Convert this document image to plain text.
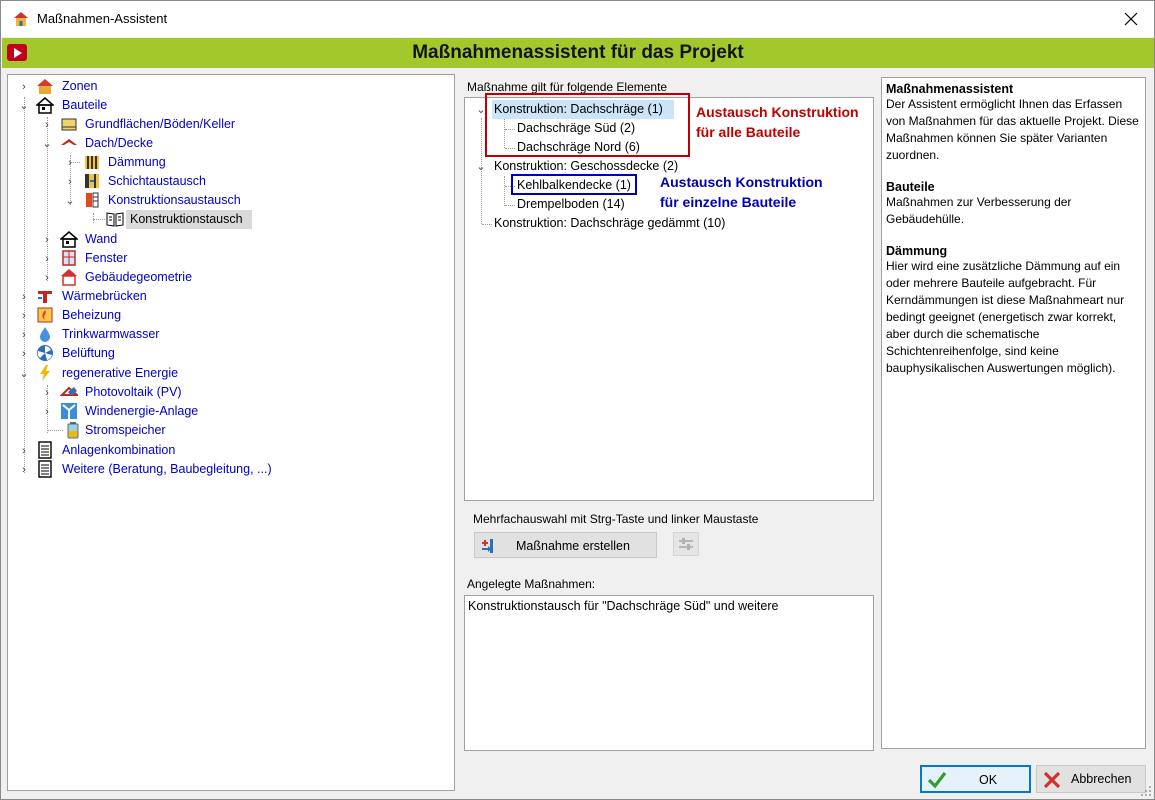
Maßnahmen-Assistent
Maßnahmenassistent für das Projekt
›	Zonen
⌄	Bauteile
›	Grundflächen/Böden/Keller
⌄	Dach/Decke
›	Dämmung
›	Schichtaustausch
⌄	Konstruktionsaustausch
Konstruktionstausch
›	Wand
›	Fenster
›	Gebäudegeometrie
›	Wärmebrücken
›	Beheizung
›	Trinkwarmwasser
›	Belüftung
⌄	regenerative Energie
›	Photovoltaik (PV)
›	Windenergie-Anlage
Stromspeicher
›	Anlagenkombination
›	Weitere (Beratung, Baubegleitung, ...)
Maßnahme gilt für folgende Elemente
⌄ Konstruktion: Dachschräge (1)
Dachschräge Süd (2)
Dachschräge Nord (6)
⌄ Konstruktion: Geschossdecke (2)
Kehlbalkendecke (1)
Drempelboden (14)
Konstruktion: Dachschräge gedämmt (10)
Austausch Konstruktion
für alle Bauteile
Austausch Konstruktion
für einzelne Bauteile
Mehrfachauswahl mit Strg-Taste und linker Maustaste
Maßnahme erstellen
Angelegte Maßnahmen:
Konstruktionstausch für "Dachschräge Süd" und weitere
Maßnahmenassistent

Der Assistent ermöglicht Ihnen das Erfassen von Maßnahmen für das aktuelle Projekt. Diese Maßnahmen können Sie später Varianten zuordnen.

Bauteile

Maßnahmen zur Verbesserung der Gebäudehülle.

Dämmung

Hier wird eine zusätzliche Dämmung auf ein oder mehrere Bauteile aufgebracht. Für Kerndämmungen ist diese Maßnahmeart nur bedingt geeignet (energetisch zwar korrekt, aber durch die schematische Schichtenreihenfolge, sind keine bauphysikalischen Auswertungen möglich).

OK	Abbrechen
